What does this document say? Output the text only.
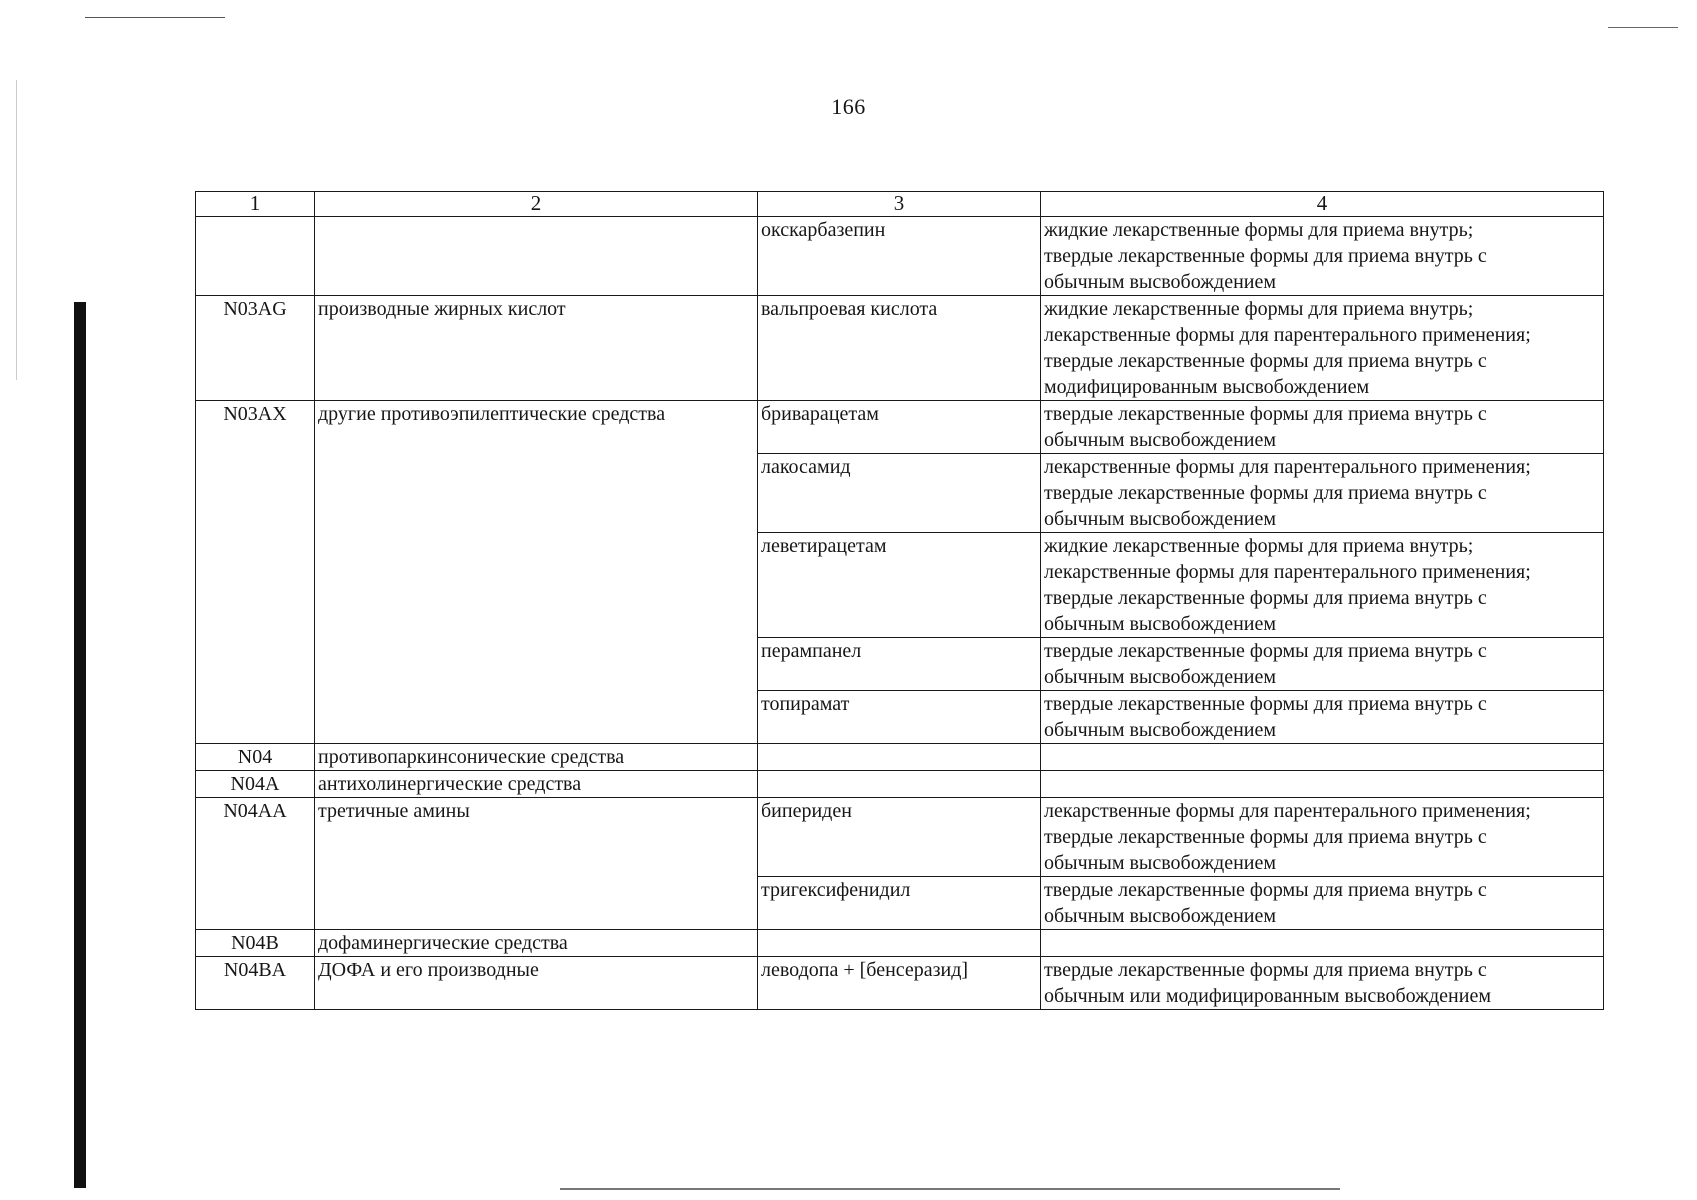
166
1	2	3	4
		окскарбазепин	жидкие лекарственные формы для приема внутрь;
твердые лекарственные формы для приема внутрь с
обычным высвобождением

N03AG	производные жирных кислот	вальпроевая кислота	жидкие лекарственные формы для приема внутрь;
лекарственные формы для парентерального применения;
твердые лекарственные формы для приема внутрь с
модифицированным высвобождением

N03AX	другие противоэпилептические средства	бриварацетам	твердые лекарственные формы для приема внутрь с
обычным высвобождением

		лакосамид	лекарственные формы для парентерального применения;
твердые лекарственные формы для приема внутрь с
обычным высвобождением

		леветирацетам	жидкие лекарственные формы для приема внутрь;
лекарственные формы для парентерального применения;
твердые лекарственные формы для приема внутрь с
обычным высвобождением

		перампанел	твердые лекарственные формы для приема внутрь с
обычным высвобождением

		топирамат	твердые лекарственные формы для приема внутрь с
обычным высвобождением

N04	противопаркинсонические средства		
N04A	антихолинергические средства		
N04AA	третичные амины	бипериден	лекарственные формы для парентерального применения;
твердые лекарственные формы для приема внутрь с
обычным высвобождением

		тригексифенидил	твердые лекарственные формы для приема внутрь с
обычным высвобождением

N04B	дофаминергические средства		
N04BA	ДОФА и его производные	леводопа + [бенсеразид]	твердые лекарственные формы для приема внутрь с
обычным или модифицированным высвобождением
